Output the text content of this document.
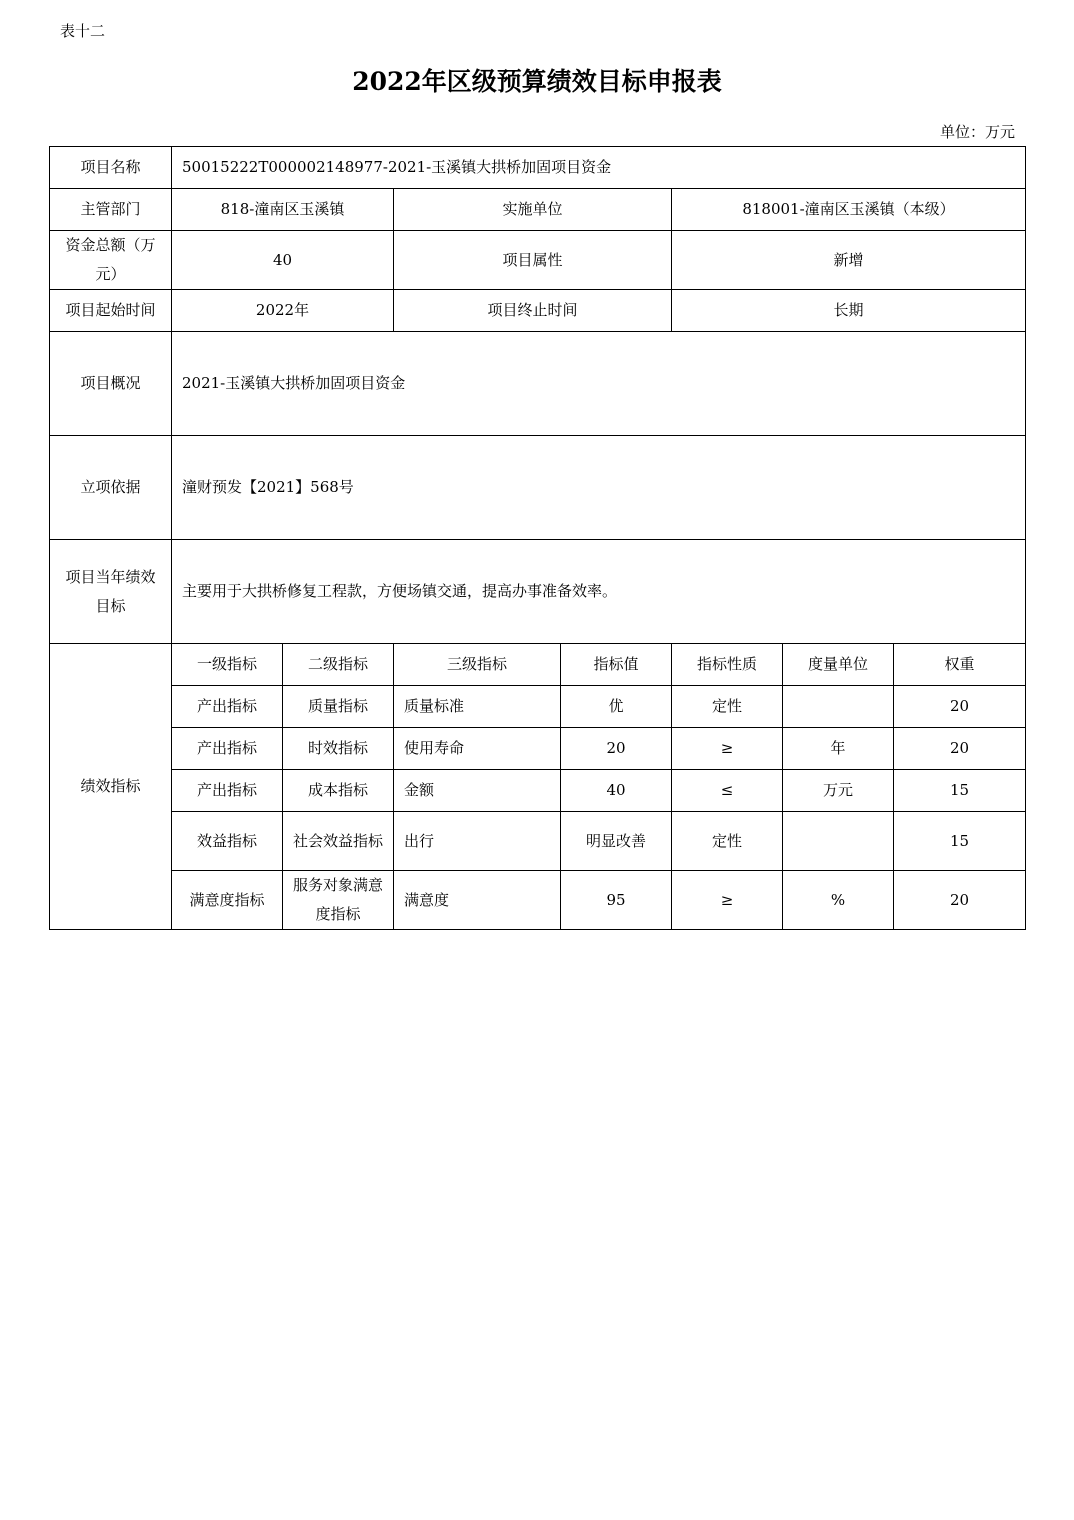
表十二
2022年区级预算绩效目标申报表
单位：万元
项目名称	50015222T000002148977-2021-玉溪镇大拱桥加固项目资金						
主管部门	818-潼南区玉溪镇		实施单位		818001-潼南区玉溪镇（本级）		
资金总额（万元）	40		项目属性		新增		
项目起始时间	2022年		项目终止时间		长期		
项目概况	2021-玉溪镇大拱桥加固项目资金						
立项依据	潼财预发【2021】568号						
项目当年绩效目标	主要用于大拱桥修复工程款，方便场镇交通，提高办事准备效率。						
绩效指标	一级指标	二级指标	三级指标	指标值	指标性质	度量单位	权重
	产出指标	质量指标	质量标准	优	定性		20
	产出指标	时效指标	使用寿命	20	≥	年	20
	产出指标	成本指标	金额	40	≤	万元	15
	效益指标	社会效益指标	出行	明显改善	定性		15
	满意度指标	服务对象满意度指标	满意度	95	≥	%	20
